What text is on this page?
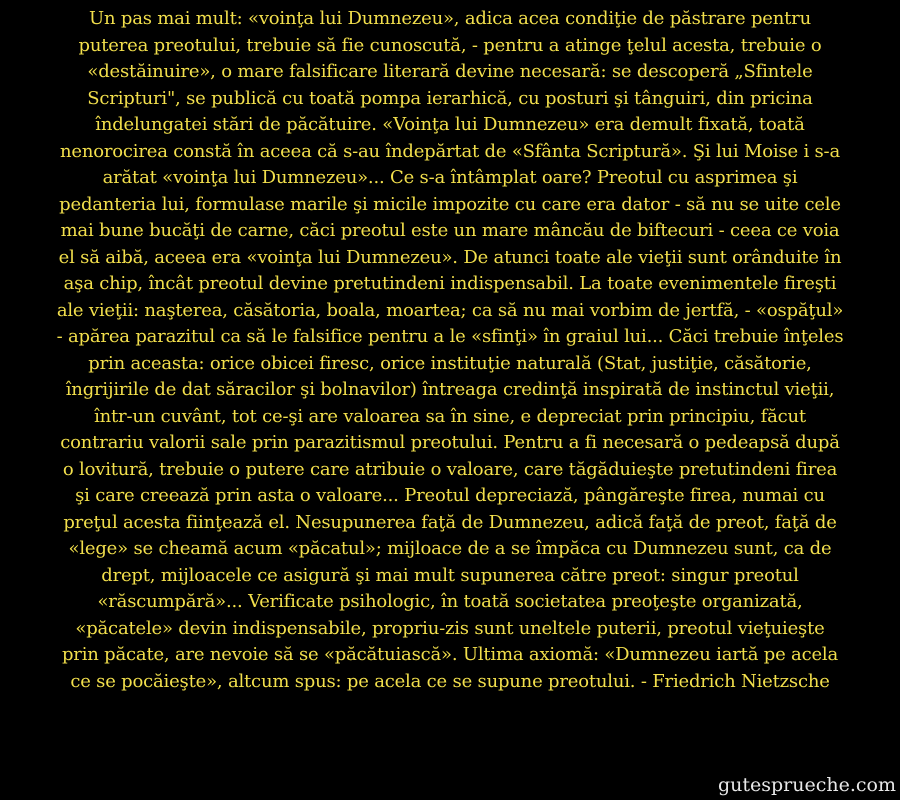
Un pas mai mult: «voinţa lui Dumnezeu», adica acea condiţie de păstrare pentru
puterea preotului, trebuie să fie cunoscută, - pentru a atinge ţelul acesta, trebuie o
«destăinuire», o mare falsificare literară devine necesară: se descoperă „Sfintele
Scripturi", se publică cu toată pompa ierarhică, cu posturi şi tânguiri, din pricina
îndelungatei stări de păcătuire. «Voinţa lui Dumnezeu» era demult fixată, toată
nenorocirea constă în aceea că s-au îndepărtat de «Sfânta Scriptură». Şi lui Moise i s-a
arătat «voinţa lui Dumnezeu»... Ce s-a întâmplat oare? Preotul cu asprimea şi
pedanteria lui, formulase marile şi micile impozite cu care era dator - să nu se uite cele
mai bune bucăţi de carne, căci preotul este un mare mâncău de biftecuri - ceea ce voia
el să aibă, aceea era «voinţa lui Dumnezeu». De atunci toate ale vieţii sunt orânduite în
aşa chip, încât preotul devine pretutindeni indispensabil. La toate evenimentele fireşti
ale vieţii: naşterea, căsătoria, boala, moartea; ca să nu mai vorbim de jertfă, - «ospăţul»
- apărea parazitul ca să le falsifice pentru a le «sfinţi» în graiul lui... Căci trebuie înţeles
prin aceasta: orice obicei firesc, orice instituţie naturală (Stat, justiţie, căsătorie,
îngrijirile de dat săracilor şi bolnavilor) întreaga credinţă inspirată de instinctul vieţii,
într-un cuvânt, tot ce-şi are valoarea sa în sine, e depreciat prin principiu, făcut
contrariu valorii sale prin parazitismul preotului. Pentru a fi necesară o pedeapsă după
o lovitură, trebuie o putere care atribuie o valoare, care tăgăduieşte pretutindeni firea
şi care creează prin asta o valoare... Preotul depreciază, pângăreşte firea, numai cu
preţul acesta fiinţează el. Nesupunerea faţă de Dumnezeu, adică faţă de preot, faţă de
«lege» se cheamă acum «păcatul»; mijloace de a se împăca cu Dumnezeu sunt, ca de
drept, mijloacele ce asigură şi mai mult supunerea către preot: singur preotul
«răscumpără»... Verificate psihologic, în toată societatea preoţeşte organizată,
«păcatele» devin indispensabile, propriu-zis sunt uneltele puterii, preotul vieţuieşte
prin păcate, are nevoie să se «păcătuiască». Ultima axiomă: «Dumnezeu iartă pe acela
ce se pocăieşte», altcum spus: pe acela ce se supune preotului. - Friedrich Nietzsche
gutesprueche.com
